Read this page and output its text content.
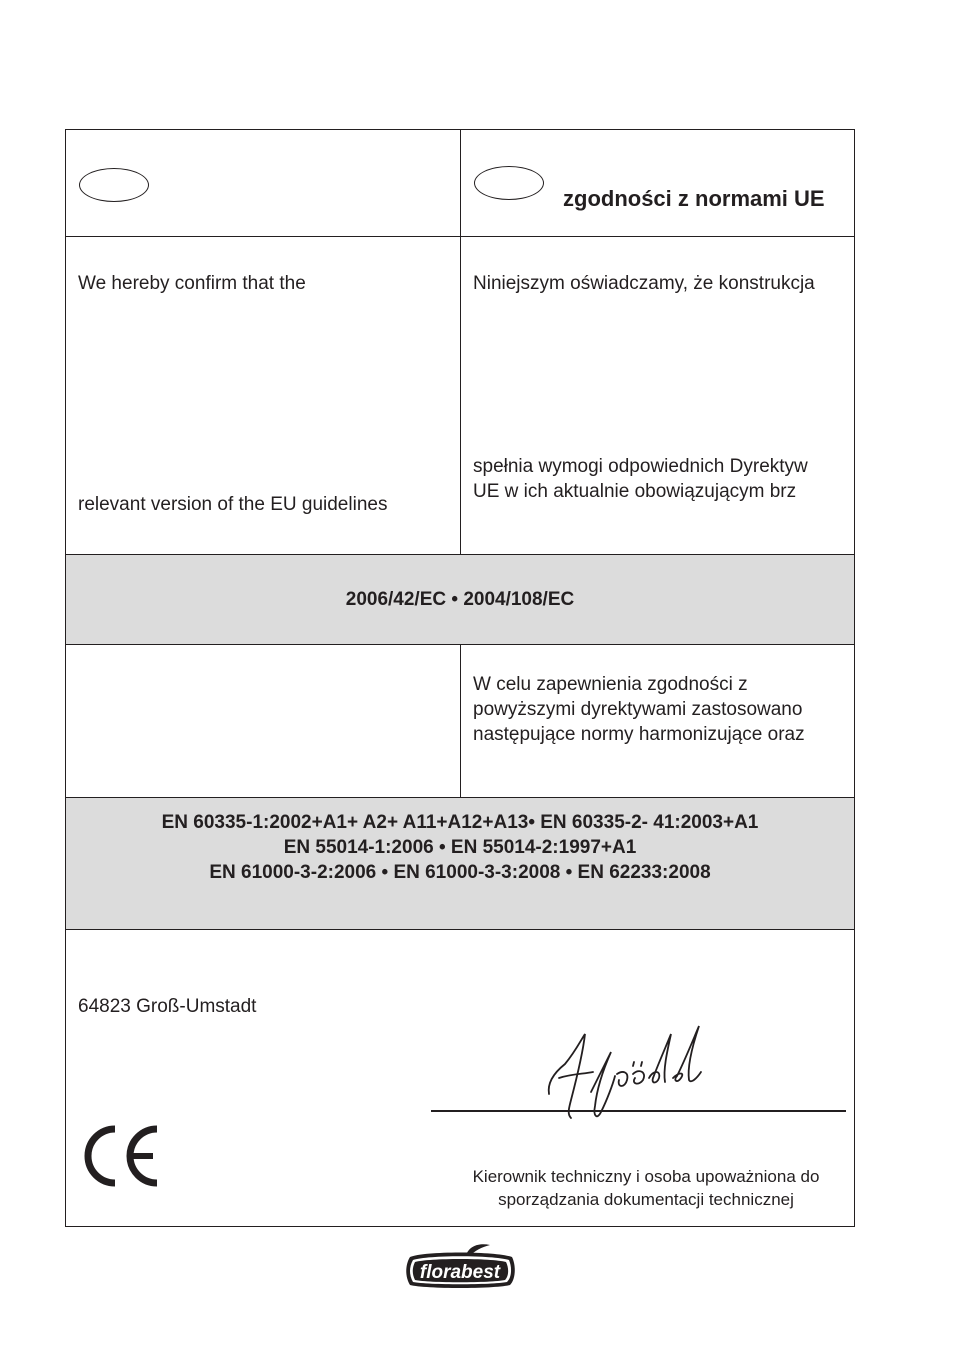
zgodności z normami UE
We hereby confirm that the
relevant version of the EU guidelines
Niniejszym oświadczamy, że konstrukcja
spełnia wymogi odpowiednich Dyrektyw
UE w ich aktualnie obowiązującym brz
2006/42/EC • 2004/108/EC
W celu zapewnienia zgodności z
powyższymi dyrektywami zastosowano
następujące normy harmonizujące oraz
EN 60335-1:2002+A1+ A2+ A11+A12+A13• EN 60335-2- 41:2003+A1
EN 55014-1:2006 • EN 55014-2:1997+A1
EN 61000-3-2:2006 • EN 61000-3-3:2008 • EN 62233:2008
64823 Groß-Umstadt
Kierownik techniczny i osoba upoważniona do
sporządzania dokumentacji technicznej
florabest
